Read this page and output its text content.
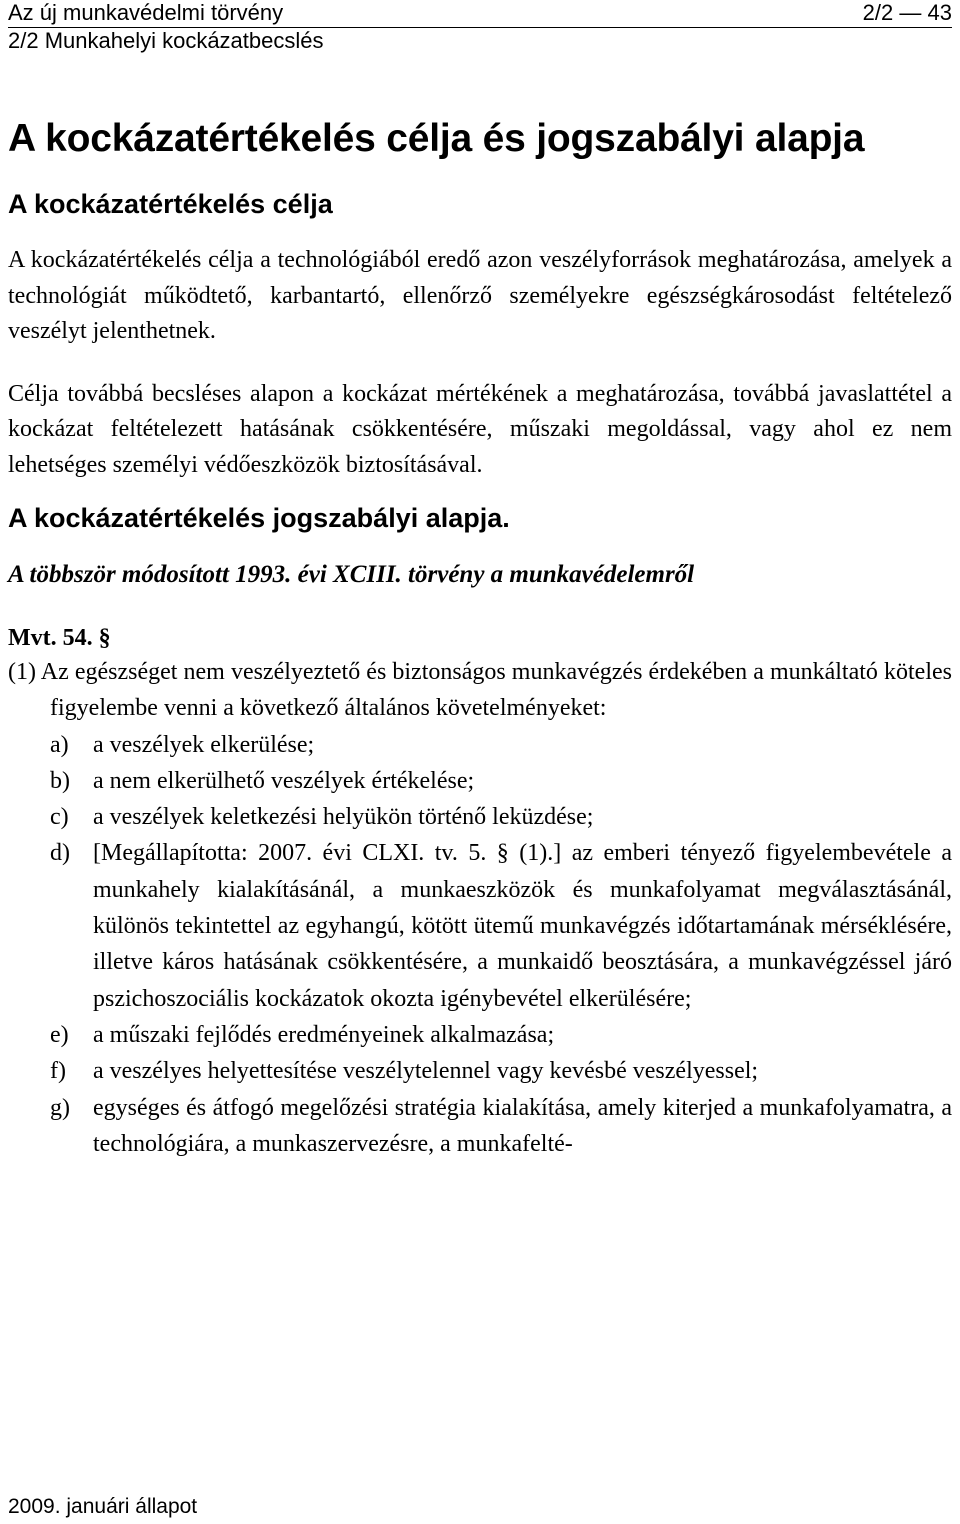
Az új munkavédelmi törvény	2/2 — 43
2/2 Munkahelyi kockázatbecslés
A kockázatértékelés célja és jogszabályi alapja
A kockázatértékelés célja

A kockázatértékelés célja a technológiából eredő azon veszélyforrások meghatározása, amelyek a technológiát működtető, karbantartó, ellenőrző személyekre egészségkárosodást feltételező veszélyt jelenthetnek.

Célja továbbá becsléses alapon a kockázat mértékének a meghatározása, továbbá javaslattétel a kockázat feltételezett hatásának csökkentésére, műszaki megoldással, vagy ahol ez nem lehetséges személyi védőeszközök biztosításával.

A kockázatértékelés jogszabályi alapja.
A többször módosított 1993. évi XCIII. törvény a munkavédelemről
Mvt. 54. §
(1) Az egészséget nem veszélyeztető és biztonságos munkavégzés érdekében a munkáltató köteles figyelembe venni a következő általános követelményeket:
a) a veszélyek elkerülése;
b) a nem elkerülhető veszélyek értékelése;
c) a veszélyek keletkezési helyükön történő leküzdése;
d) [Megállapította: 2007. évi CLXI. tv. 5. § (1).] az emberi tényező figyelembevétele a munkahely kialakításánál, a munkaeszközök és munkafolyamat megválasztásánál, különös tekintettel az egyhangú, kötött ütemű munkavégzés időtartamának mérséklésére, illetve káros hatásának csökkentésére, a munkaidő beosztására, a munkavégzéssel járó pszichoszociális kockázatok okozta igénybevétel elkerülésére;
e) a műszaki fejlődés eredményeinek alkalmazása;
f) a veszélyes helyettesítése veszélytelennel vagy kevésbé veszélyessel;
g) egységes és átfogó megelőzési stratégia kialakítása, amely kiterjed a munkafolyamatra, a technológiára, a munkaszervezésre, a munkafelté-
2009. januári állapot
